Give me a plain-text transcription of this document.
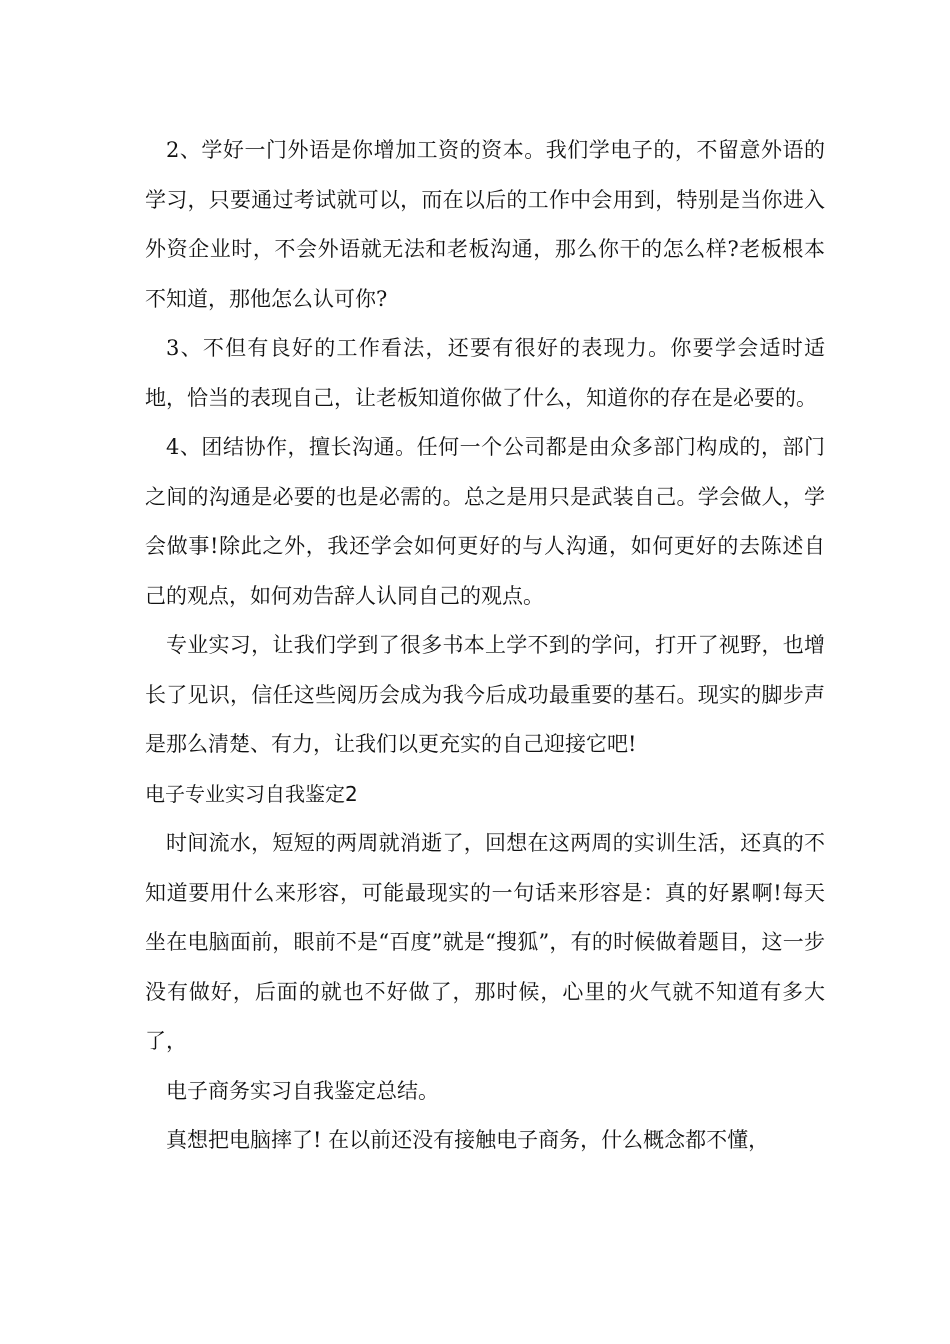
2、学好一门外语是你增加工资的资本。我们学电子的，不留意外语的学习，只要通过考试就可以，而在以后的工作中会用到，特别是当你进入外资企业时，不会外语就无法和老板沟通，那么你干的怎么样?老板根本不知道，那他怎么认可你?

3、不但有良好的工作看法，还要有很好的表现力。你要学会适时适地，恰当的表现自己，让老板知道你做了什么，知道你的存在是必要的。

4、团结协作，擅长沟通。任何一个公司都是由众多部门构成的，部门之间的沟通是必要的也是必需的。总之是用只是武装自己。学会做人，学会做事!除此之外，我还学会如何更好的与人沟通，如何更好的去陈述自己的观点，如何劝告辞人认同自己的观点。

专业实习，让我们学到了很多书本上学不到的学问，打开了视野，也增长了见识，信任这些阅历会成为我今后成功最重要的基石。现实的脚步声是那么清楚、有力，让我们以更充实的自己迎接它吧!

电子专业实习自我鉴定2

时间流水，短短的两周就消逝了，回想在这两周的实训生活，还真的不知道要用什么来形容，可能最现实的一句话来形容是：真的好累啊!每天坐在电脑面前，眼前不是“百度”就是“搜狐”，有的时候做着题目，这一步没有做好，后面的就也不好做了，那时候，心里的火气就不知道有多大了，

电子商务实习自我鉴定总结。

真想把电脑摔了! 在以前还没有接触电子商务，什么概念都不懂，
